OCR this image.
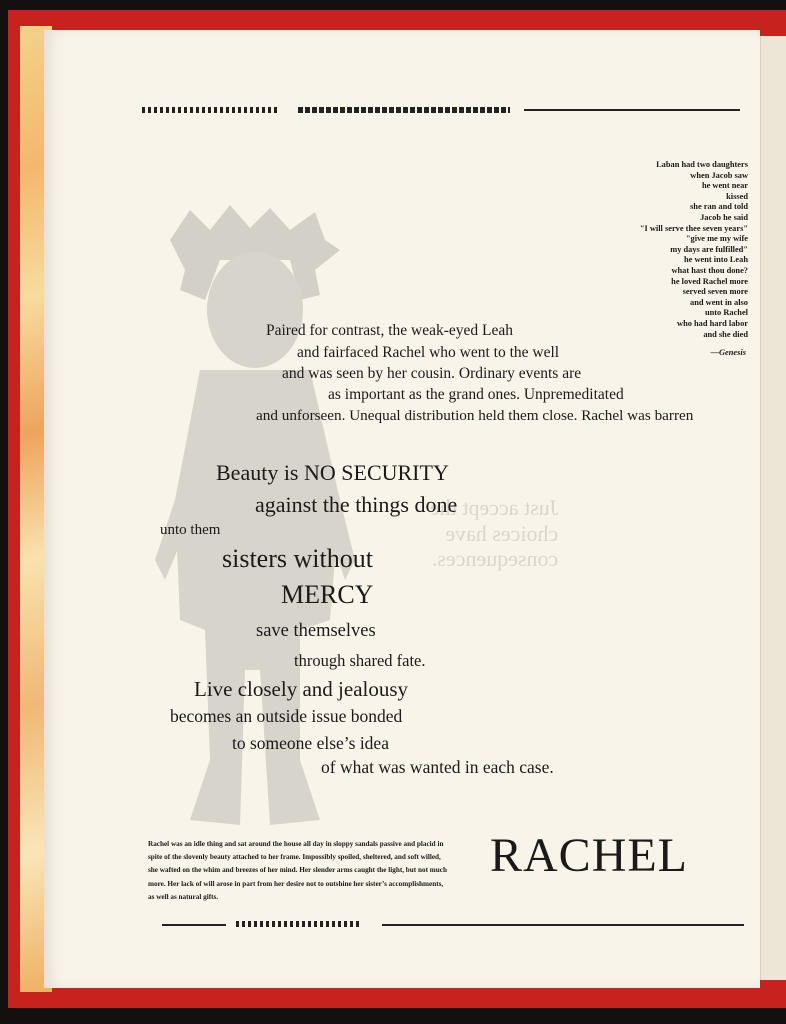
Just accept the
choices have
consequences.

Laban had two daughters
when Jacob saw
he went near
kissed
she ran and told
Jacob he said
"I will serve thee seven years"
"give me my wife
my days are fulfilled"
he went into Leah
what hast thou done?
he loved Rachel more
served seven more
and went in also
unto Rachel
who had hard labor
and she died
—Genesis
Paired for contrast, the weak-eyed Leah
and fairfaced Rachel who went to the well
and was seen by her cousin. Ordinary events are
as important as the grand ones. Unpremeditated
and unforseen. Unequal distribution held them close. Rachel was barren
Beauty is NO SECURITY
against the things done
unto them
sisters without
MERCY
save themselves
through shared fate.
Live closely and jealousy
becomes an outside issue bonded
to someone else’s idea
of what was wanted in each case.
Rachel was an idle thing and sat around the house all day in sloppy sandals passive and placid in spite of the slovenly beauty attached to her frame. Impossibly spoiled, sheltered, and soft willed, she wafted on the whim and breezes of her mind. Her slender arms caught the light, but not much more. Her lack of will arose in part from her desire not to outshine her sister’s accomplishments, as well as natural gifts.
RACHEL
